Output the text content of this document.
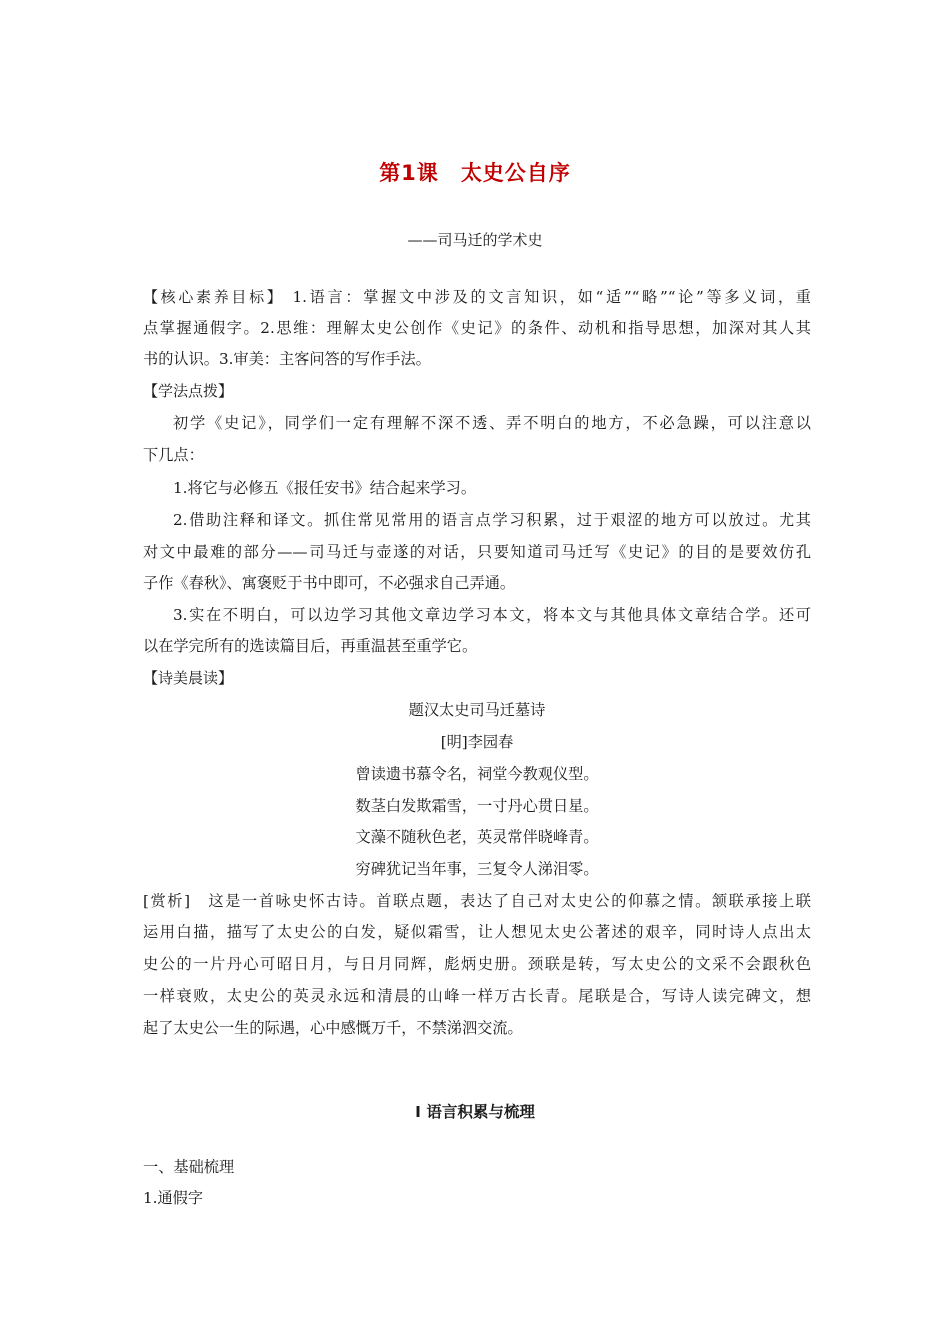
第1课 太史公自序
——司马迁的学术史
【核心素养目标】 1.语言：掌握文中涉及的文言知识，如“适”“略”“论”等多义词，重
点掌握通假字。2.思维：理解太史公创作《史记》的条件、动机和指导思想，加深对其人其
书的认识。3.审美：主客问答的写作手法。
【学法点拨】
初学《史记》，同学们一定有理解不深不透、弄不明白的地方，不必急躁，可以注意以
下几点：
1.将它与必修五《报任安书》结合起来学习。
2.借助注释和译文。抓住常见常用的语言点学习积累，过于艰涩的地方可以放过。尤其
对文中最难的部分——司马迁与壶遂的对话，只要知道司马迁写《史记》的目的是要效仿孔
子作《春秋》、寓褒贬于书中即可，不必强求自己弄通。
3.实在不明白，可以边学习其他文章边学习本文，将本文与其他具体文章结合学。还可
以在学完所有的选读篇目后，再重温甚至重学它。
【诗美晨读】
题汉太史司马迁墓诗
[明]李园春
曾读遗书慕令名，祠堂今教观仪型。
数茎白发欺霜雪，一寸丹心贯日星。
文藻不随秋色老，英灵常伴晓峰青。
穷碑犹记当年事，三复令人涕泪零。
[赏析]　这是一首咏史怀古诗。首联点题，表达了自己对太史公的仰慕之情。颔联承接上联
运用白描，描写了太史公的白发，疑似霜雪，让人想见太史公著述的艰辛，同时诗人点出太
史公的一片丹心可昭日月，与日月同辉，彪炳史册。颈联是转，写太史公的文采不会跟秋色
一样衰败，太史公的英灵永远和清晨的山峰一样万古长青。尾联是合，写诗人读完碑文，想
起了太史公一生的际遇，心中感慨万千，不禁涕泗交流。
Ⅰ 语言积累与梳理
一、基础梳理
1.通假字
